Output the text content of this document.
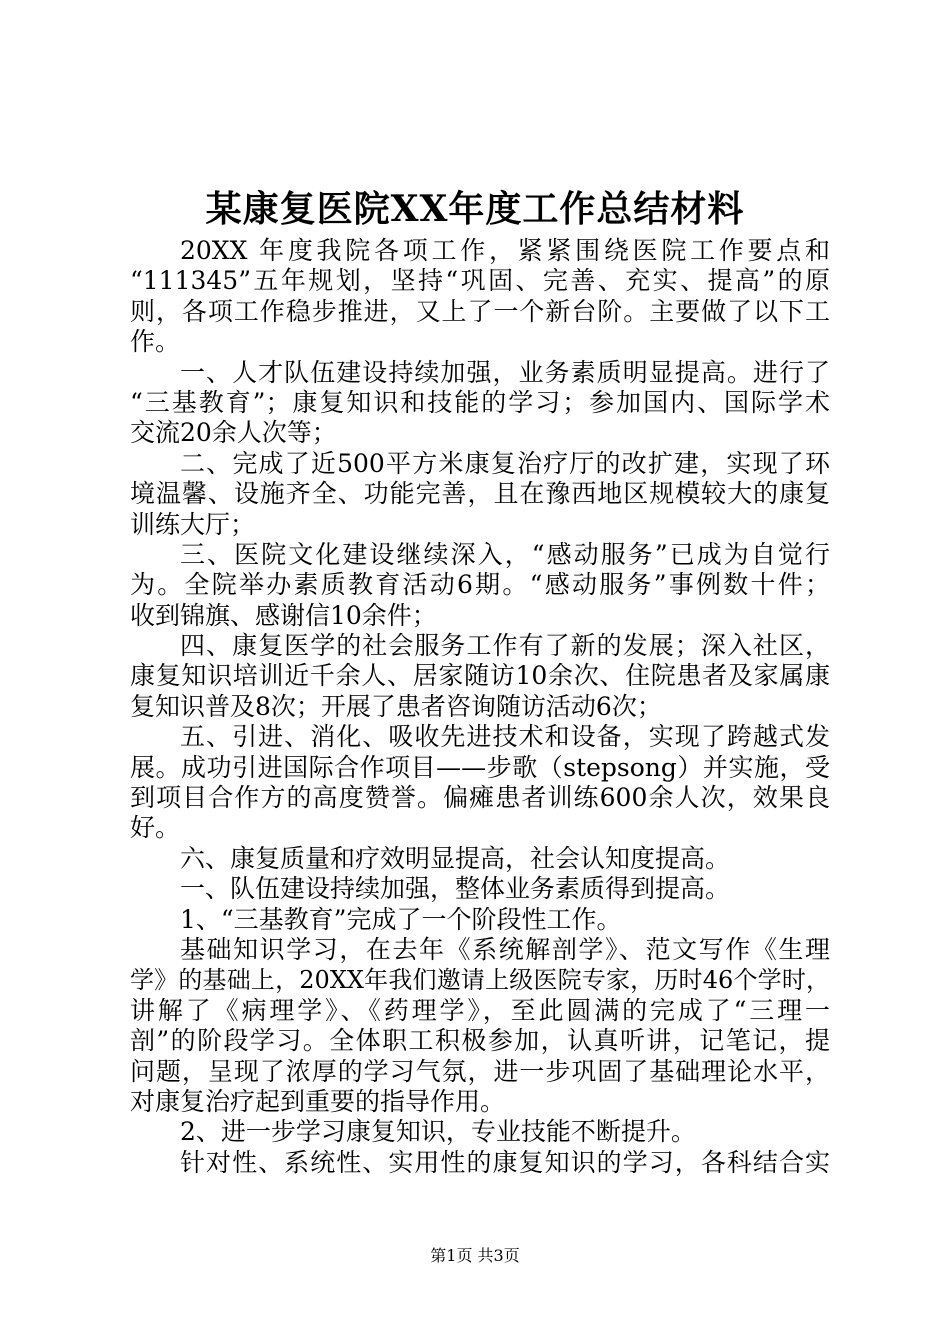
某康复医院XX年度工作总结材料
20XX 年度我院各项工作，紧紧围绕医院工作要点和
“111345”五年规划，坚持“巩固、完善、充实、提高”的原
则，各项工作稳步推进，又上了一个新台阶。主要做了以下工
作。
一、人才队伍建设持续加强，业务素质明显提高。进行了
“三基教育”；康复知识和技能的学习；参加国内、国际学术
交流20余人次等；
二、完成了近500平方米康复治疗厅的改扩建，实现了环
境温馨、设施齐全、功能完善，且在豫西地区规模较大的康复
训练大厅；
三、医院文化建设继续深入，“感动服务”已成为自觉行
为。全院举办素质教育活动6期。“感动服务”事例数十件；
收到锦旗、感谢信10余件；
四、康复医学的社会服务工作有了新的发展；深入社区，
康复知识培训近千余人、居家随访10余次、住院患者及家属康
复知识普及8次；开展了患者咨询随访活动6次；
五、引进、消化、吸收先进技术和设备，实现了跨越式发
展。成功引进国际合作项目——步歌（stepsong）并实施，受
到项目合作方的高度赞誉。偏瘫患者训练600余人次，效果良
好。
六、康复质量和疗效明显提高，社会认知度提高。
一、队伍建设持续加强，整体业务素质得到提高。
1、“三基教育”完成了一个阶段性工作。
基础知识学习，在去年《系统解剖学》、范文写作《生理
学》的基础上，20XX年我们邀请上级医院专家，历时46个学时，
讲解了《病理学》、《药理学》，至此圆满的完成了“三理一
剖”的阶段学习。全体职工积极参加，认真听讲，记笔记，提
问题，呈现了浓厚的学习气氛，进一步巩固了基础理论水平，
对康复治疗起到重要的指导作用。
2、进一步学习康复知识，专业技能不断提升。
针对性、系统性、实用性的康复知识的学习，各科结合实
第1页 共3页
